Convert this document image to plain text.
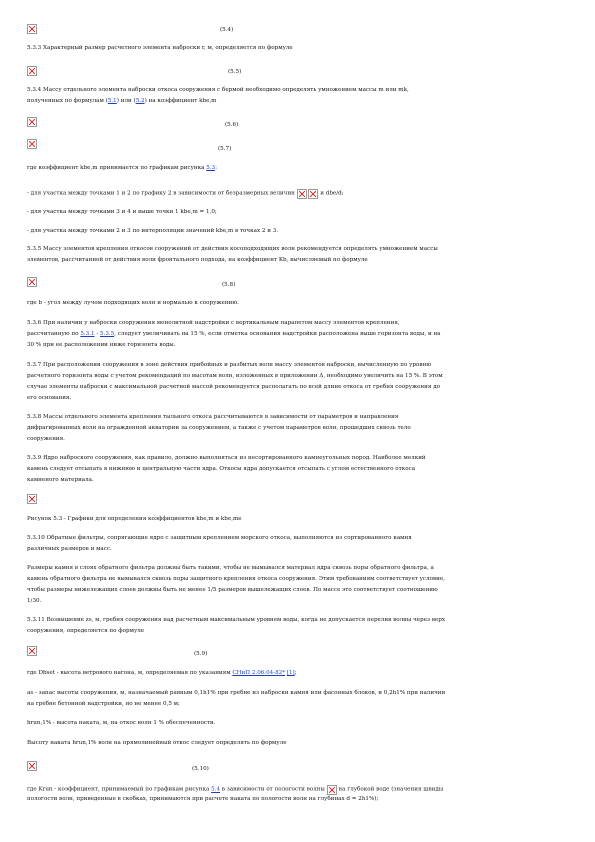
(5.4)
5.3.3 Характерный размер расчетного элемента наброски r, м, определяется по формуле
(5.5)
5.3.4 Массу отдельного элемента наброски откоса сооружения с бермой необходимо определять умножением массы m или mk,
полученных по формулам (5.1) или (5.2) на коэффициент kbе,m
(5.6)
(5.7)
где коэффициент kbе,m принимается по графикам рисунка 5.3:
- для участка между точками 1 и 2 по графику 2 в зависимости от безразмерных величин	и dbе/d;
- для участка между точками 3 и 4 и выше точки 1 kbе,m = 1,0;
- для участка между точками 2 и 3 по интерполяции значений kbе,m в точках 2 и 3.
5.3.5 Массу элементов крепления откосов сооружений от действия косоподходящих волн рекомендуется определять умножением массы
элементов, рассчитанной от действия волн фронтального подхода, на коэффициент Kb, вычисляемый по формуле
(5.8)
где b - угол между лучом подходящих волн и нормалью к сооружению.
5.3.6 При наличии у наброски сооружения монолитной надстройки с вертикальным парапетом массу элементов крепления,
рассчитанную по 5.3.1 - 5.3.5, следует увеличивать на 15 %, если отметка основания надстройки расположена выше горизонта воды, и на
30 % при ее расположении ниже горизонта воды.
5.3.7 При расположении сооружения в зоне действия прибойных и разбитых волн массу элементов наброски, вычисленную по уровню
расчетного горизонта воды с учетом рекомендаций по высотам волн, изложенных в приложении Δ, необходимо увеличить на 15 %. В этом
случае элементы наброски с максимальной расчетной массой рекомендуется располагать по всей длине откоса от гребня сооружения до
его основания.
5.3.8 Массы отдельного элемента крепления тыльного откоса рассчитываются в зависимости от параметров и направления
дифрагированных волн на огражденной акватории за сооружением, а также с учетом параметров волн, прошедших сквозь тело
сооружения.
5.3.9 Ядро наброского сооружения, как правило, должно выполняться из несортированного камнеугольных пород. Наиболее мелкий
камень следует отсыпать в нижнюю и центральную части ядра. Откосы ядра допускается отсыпать с углом естественного откоса
камненого материала.
Рисунок 5.3 - Графики для определения коэффициентов kbе,m и kbе,me
5.3.10 Обратные фильтры, сопрягающие ядро с защитным креплением морского откоса, выполняются из сортированного камня
различных размеров и масс.
Размеры камня в слоях обратного фильтра должны быть такими, чтобы не вымывался материал ядра сквозь поры обратного фильтра, а
камень обратного фильтра не вымывался сквозь поры защитного крепления откоса сооружения. Этим требованиям соответствует условие,
чтобы размеры нижележащих слоев должны быть не менее 1/5 размеров вышележащих слоев. По массе это соответствует соотношению
1/30.
5.3.11 Возвышение zs, м, гребня сооружения над расчетным максимальным уровнем воды, когда не допускается перелив волны через верх
сооружения, определяется по формуле
(5.9)
где Dbset - высота ветрового нагона, м, определяемая по указаниям СНиП 2.06.04-82* [1];
as - запас высоты сооружения, м, назначаемый равным 0,1h1% при гребне из наброски камня или фасонных блоков, и 0,2h1% при наличии
на гребне бетонной надстройки, но не менее 0,5 м;
hrun,1% - высота наката, м, на откос волн 1 % обеспеченности.
Высоту наката hrun,1% волн на прямолинейный откос следует определять по формуле
(5.10)
где Krun - коэффициент, принимаемый по графикам рисунка 5.4 в зависимости от пологости волны  на глубокой воде (значения швиды
пологости волн, приведенные в скобках, принимаются при расчете наката по пологости волн на глубинах d = 2h1%);
